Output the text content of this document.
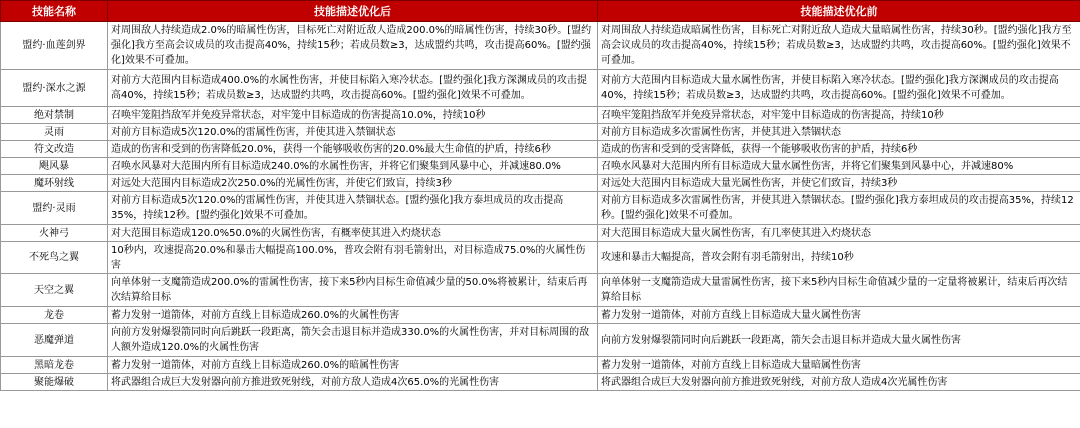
技能名称	技能描述优化后	技能描述优化前
盟约·血莲剑界	对周围敌人持续造成2.0%的暗属性伤害，目标死亡对附近敌人造成200.0%的暗属性伤害，持续30秒。[盟约强化]我方至高会议成员的攻击提高40%，持续15秒；若成员数≥3，达成盟约共鸣，攻击提高60%。[盟约强化]效果不可叠加。	对周围敌人持续造成暗属性伤害，目标死亡对附近敌人造成大量暗属性伤害，持续30秒。[盟约强化]我方至高会议成员的攻击提高40%，持续15秒；若成员数≥3，达成盟约共鸣，攻击提高60%。[盟约强化]效果不可叠加。
盟约·深水之源	对前方大范围内目标造成400.0%的水属性伤害，并使目标陷入寒冷状态。[盟约强化]我方深渊成员的攻击提高40%，持续15秒；若成员数≥3，达成盟约共鸣，攻击提高60%。[盟约强化]效果不可叠加。	对前方大范围内目标造成大量水属性伤害，并使目标陷入寒冷状态。[盟约强化]我方深渊成员的攻击提高40%，持续15秒；若成员数≥3，达成盟约共鸣，攻击提高60%。[盟约强化]效果不可叠加。
绝对禁制	召唤牢笼阻挡敌军并免疫异常状态，对牢笼中目标造成的伤害提高10.0%，持续10秒	召唤牢笼阻挡敌军并免疫异常状态，对牢笼中目标造成的伤害提高，持续10秒
灵雨	对前方目标造成5次120.0%的雷属性伤害，并使其进入禁锢状态	对前方目标造成多次雷属性伤害，并使其进入禁锢状态
符文改造	造成的伤害和受到的伤害降低20.0%，获得一个能够吸收伤害的20.0%最大生命值的护盾，持续6秒	造成的伤害和受到的受害降低，获得一个能够吸收伤害的护盾，持续6秒
飓风暴	召唤水风暴对大范围内所有目标造成240.0%的水属性伤害，并将它们聚集到风暴中心，并减速80.0%	召唤水风暴对大范围内所有目标造成大量水属性伤害，并将它们聚集到风暴中心，并减速80%
魔环射线	对远处大范围内目标造成2次250.0%的光属性伤害，并使它们致盲，持续3秒	对远处大范围内目标造成大量光属性伤害，并使它们致盲，持续3秒
盟约·灵雨	对前方目标造成5次120.0%的雷属性伤害，并使其进入禁锢状态。[盟约强化]我方泰坦成员的攻击提高35%，持续12秒。[盟约强化]效果不可叠加。	对前方目标造成多次雷属性伤害，并使其进入禁锢状态。[盟约强化]我方泰坦成员的攻击提高35%，持续12秒。[盟约强化]效果不可叠加。
火神弓	对大范围目标造成120.0%50.0%的火属性伤害，有概率使其进入灼烧状态	对大范围目标造成大量火属性伤害，有几率使其进入灼烧状态
不死鸟之翼	10秒内，攻速提高20.0%和暴击大幅提高100.0%，普攻会附有羽毛箭射出，对目标造成75.0%的火属性伤害	攻速和暴击大幅提高，普攻会附有羽毛箭射出，持续10秒
天空之翼	向单体射一支魔箭造成200.0%的雷属性伤害，接下来5秒内目标生命值减少量的50.0%将被累计，结束后再次结算给目标	向单体射一支魔箭造成大量雷属性伤害，接下来5秒内目标生命值减少量的一定量将被累计，结束后再次结算给目标
龙卷	蓄力发射一道箭体，对前方直线上目标造成260.0%的火属性伤害	蓄力发射一道箭体，对前方直线上目标造成大量火属性伤害
恶魔弹道	向前方发射爆裂箭同时向后跳跃一段距离，箭矢会击退目标并造成330.0%的火属性伤害，并对目标周围的敌人额外造成120.0%的火属性伤害	向前方发射爆裂箭同时向后跳跃一段距离，箭矢会击退目标并造成大量火属性伤害
黑暗龙卷	蓄力发射一道箭体，对前方直线上目标造成260.0%的暗属性伤害	蓄力发射一道箭体，对前方直线上目标造成大量暗属性伤害
聚能爆破	将武器组合成巨大发射器向前方推进致死射线，对前方敌人造成4次65.0%的光属性伤害	将武器组合成巨大发射器向前方推进致死射线，对前方敌人造成4次光属性伤害
